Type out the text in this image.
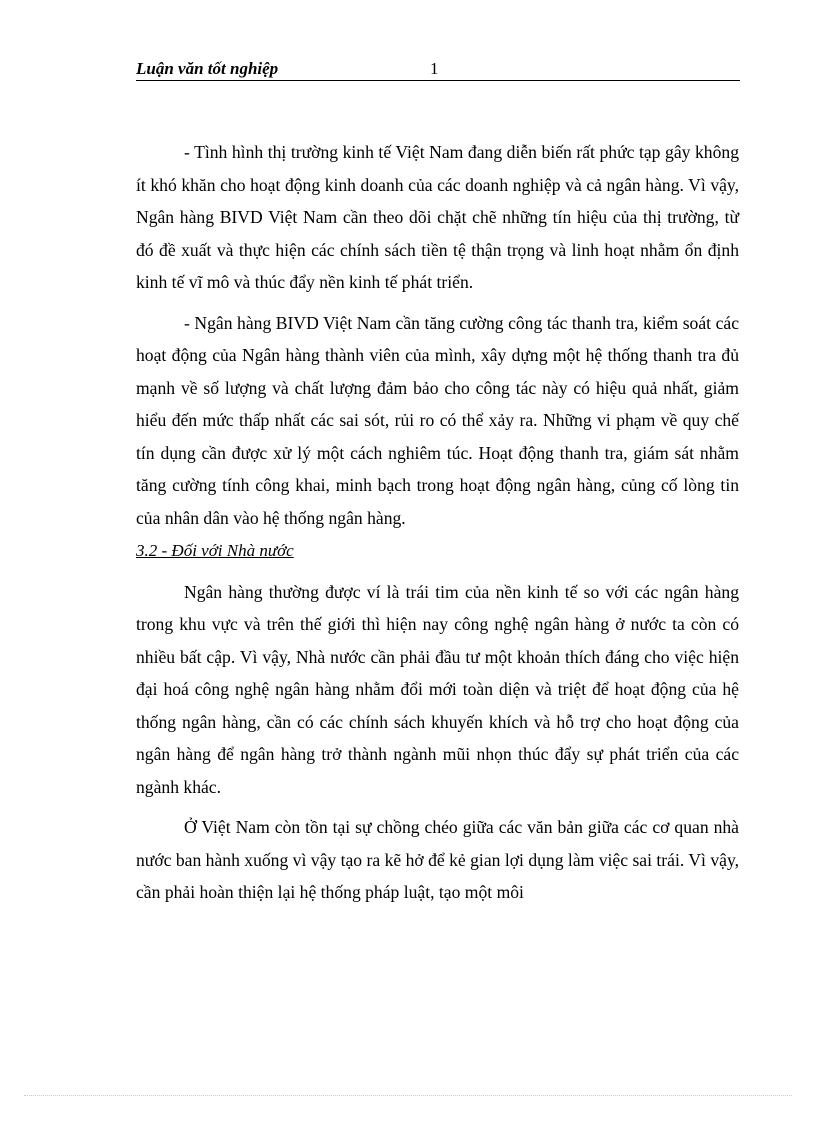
Luận văn tốt nghiệp	1

- Tình hình thị trường kinh tế Việt Nam đang diễn biến rất phức tạp gây không ít khó khăn cho hoạt động kinh doanh của các doanh nghiệp và cả ngân hàng. Vì vậy, Ngân hàng BIVD Việt Nam cần theo dõi chặt chẽ những tín hiệu của thị trường, từ đó đề xuất và thực hiện các chính sách tiền tệ thận trọng và linh hoạt nhằm ổn định kinh tế vĩ mô và thúc đẩy nền kinh tế phát triển.

- Ngân hàng BIVD Việt Nam cần tăng cường công tác thanh tra, kiểm soát các hoạt động của Ngân hàng thành viên của mình, xây dựng một hệ thống thanh tra đủ mạnh về số lượng và chất lượng đảm bảo cho công tác này có hiệu quả nhất, giảm hiểu đến mức thấp nhất các sai sót, rủi ro có thể xảy ra. Những vi phạm về quy chế tín dụng cần được xử lý một cách nghiêm túc. Hoạt động thanh tra, giám sát nhằm tăng cường tính công khai, minh bạch trong hoạt động ngân hàng, củng cố lòng tin của nhân dân vào hệ thống ngân hàng.

3.2 - Đối với Nhà nước

Ngân hàng thường được ví là trái tim của nền kinh tế so với các ngân hàng trong khu vực và trên thế giới thì hiện nay công nghệ ngân hàng ở nước ta còn có nhiều bất cập. Vì vậy, Nhà nước cần phải đầu tư một khoản thích đáng cho việc hiện đại hoá công nghệ ngân hàng nhằm đổi mới toàn diện và triệt để hoạt động của hệ thống ngân hàng, cần có các chính sách khuyến khích và hỗ trợ cho hoạt động của ngân hàng để ngân hàng trở thành ngành mũi nhọn thúc đẩy sự phát triển của các ngành khác.

Ở Việt Nam còn tồn tại sự chồng chéo giữa các văn bản giữa các cơ quan nhà nước ban hành xuống vì vậy tạo ra kẽ hở để kẻ gian lợi dụng làm việc sai trái. Vì vậy, cần phải hoàn thiện lại hệ thống pháp luật, tạo một môi
